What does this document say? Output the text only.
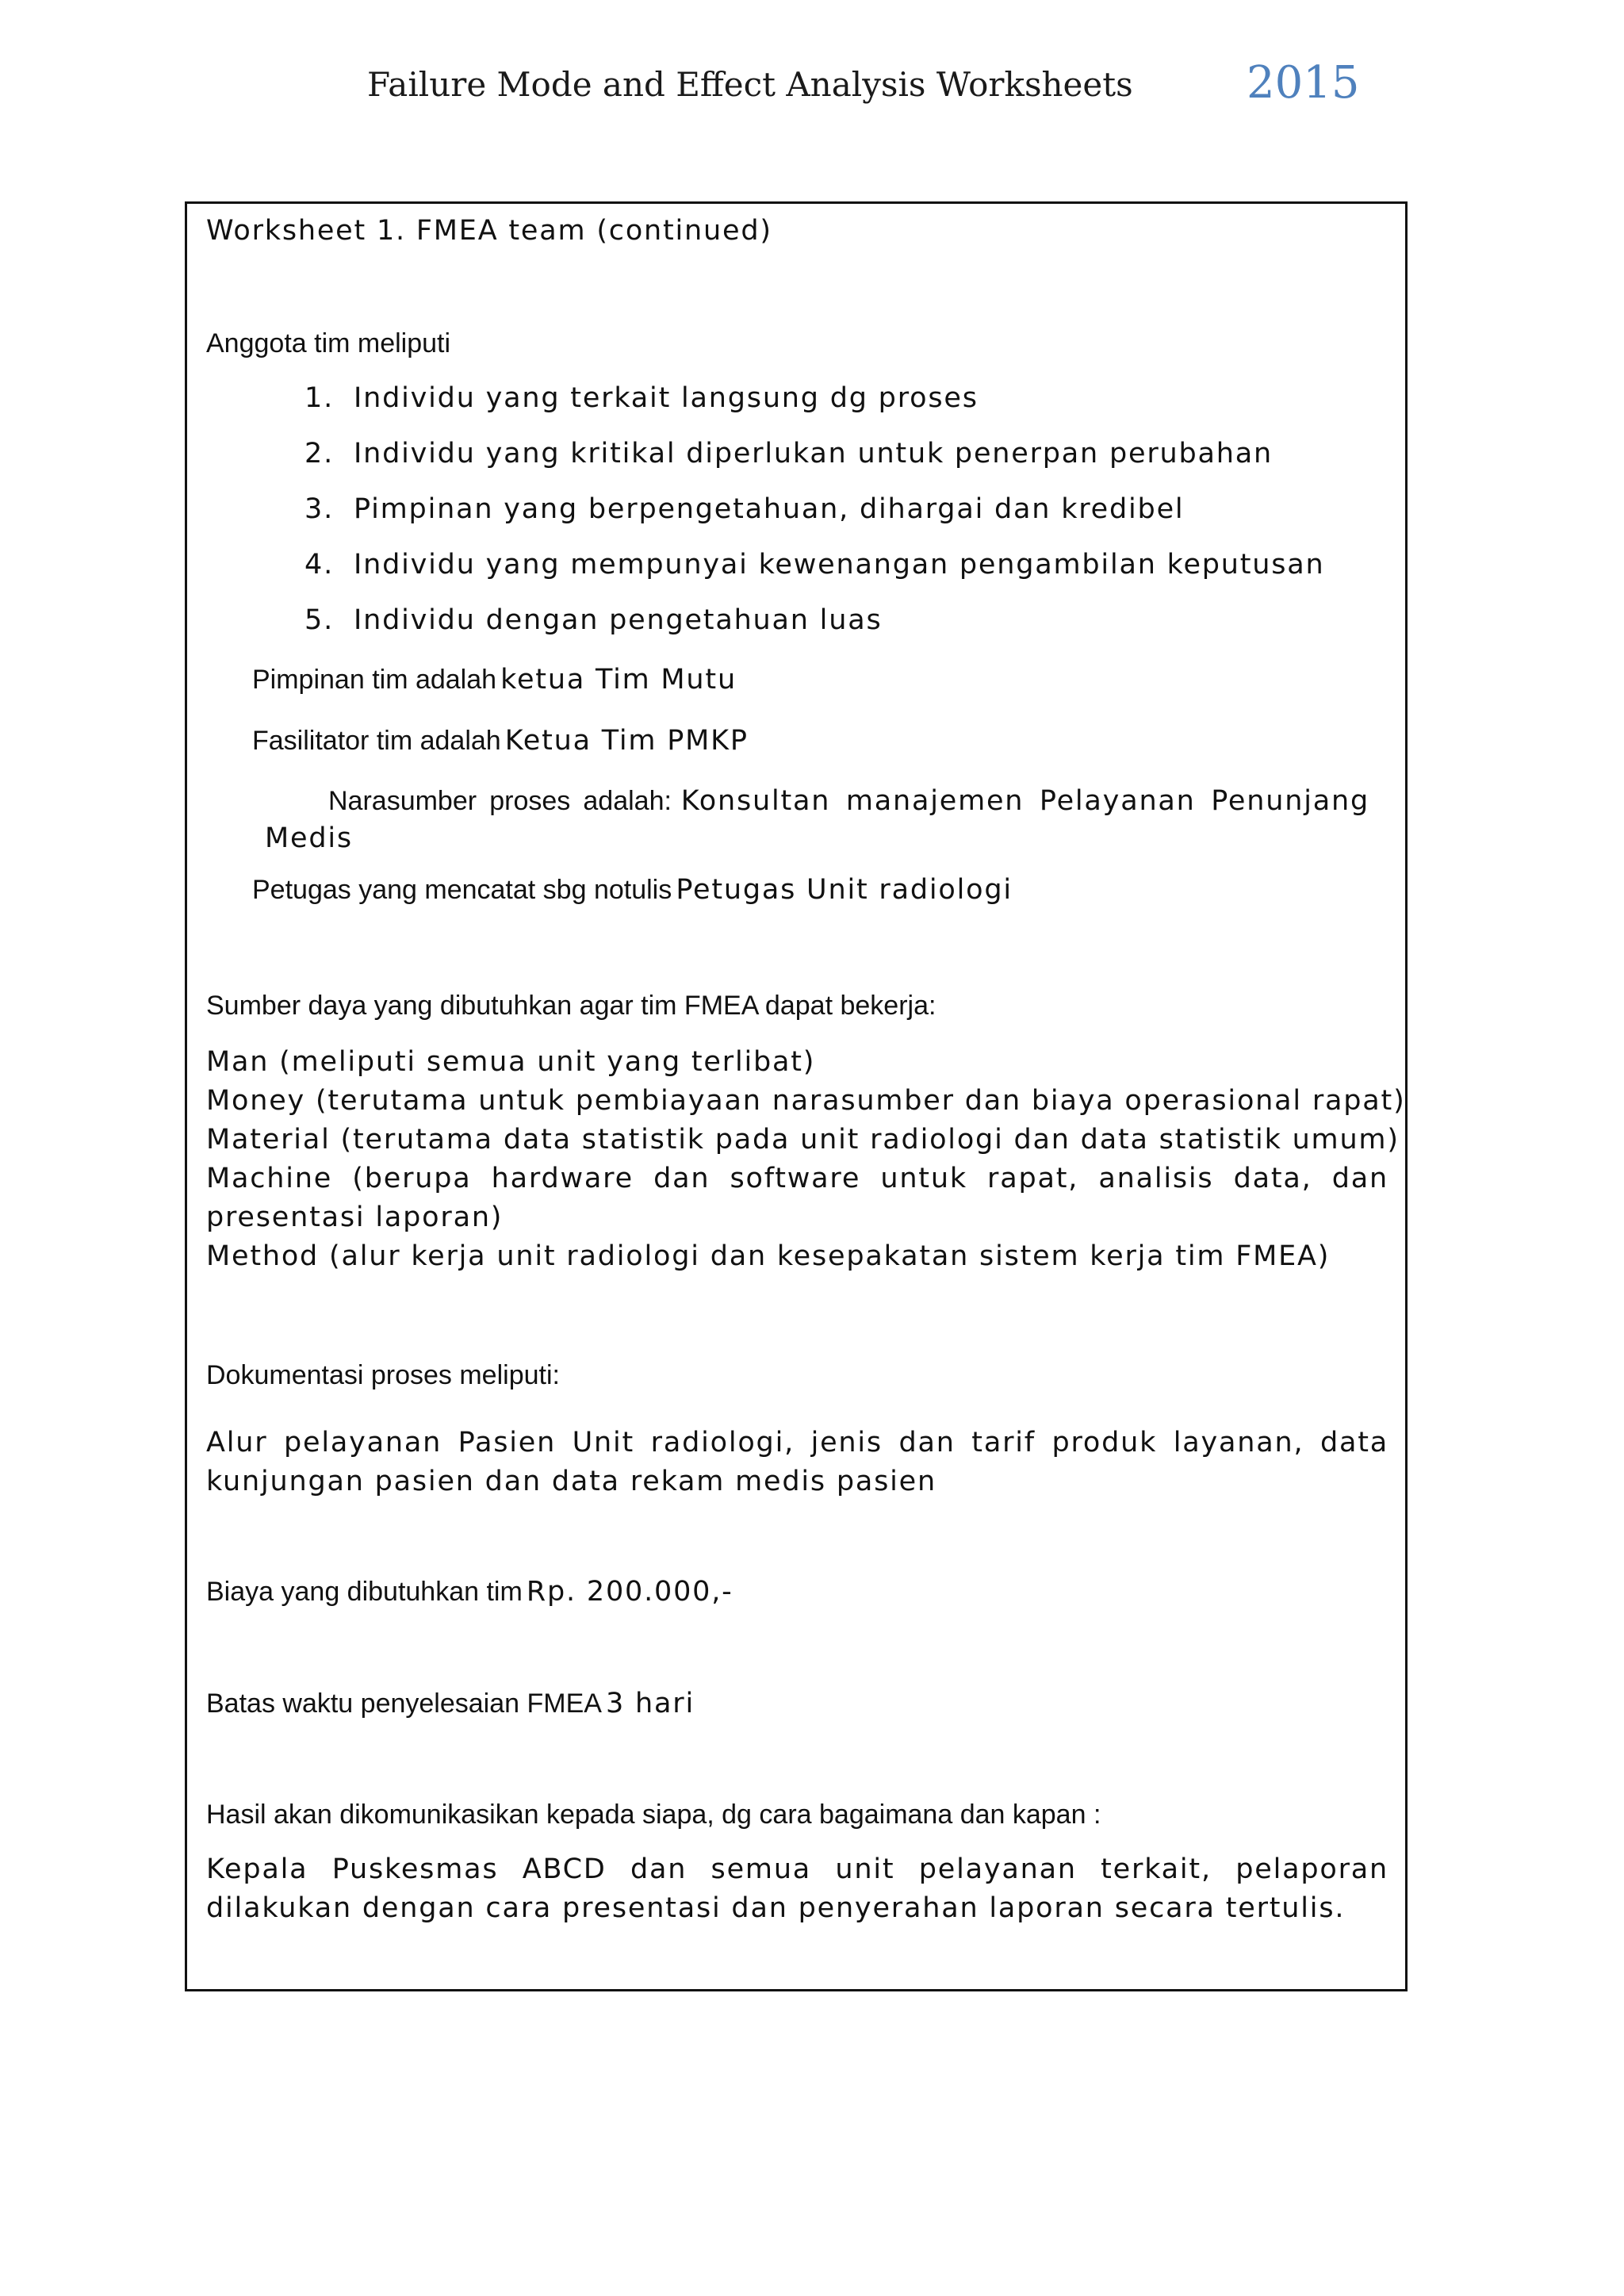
Failure Mode and Effect Analysis Worksheets	2015
Worksheet 1. FMEA team (continued)
Anggota tim meliputi
1. Individu yang terkait langsung dg proses
2. Individu yang kritikal diperlukan untuk penerpan perubahan
3. Pimpinan yang berpengetahuan, dihargai dan kredibel
4. Individu yang mempunyai kewenangan pengambilan keputusan
5. Individu dengan pengetahuan luas
Pimpinan tim adalah ketua Tim Mutu
Fasilitator tim adalah Ketua Tim PMKP
Narasumber proses adalah: Konsultan manajemen Pelayanan Penunjang
Medis
Petugas yang mencatat sbg notulis Petugas Unit radiologi
Sumber daya yang dibutuhkan agar tim FMEA dapat bekerja:
Man (meliputi semua unit yang terlibat)
Money (terutama untuk pembiayaan narasumber dan biaya operasional rapat)
Material (terutama data statistik pada unit radiologi dan data statistik umum)
Machine (berupa hardware dan software untuk rapat, analisis data, dan
presentasi laporan)
Method (alur kerja unit radiologi dan kesepakatan sistem kerja tim FMEA)
Dokumentasi proses meliputi:
Alur pelayanan Pasien Unit radiologi, jenis dan tarif produk layanan, data
kunjungan pasien dan data rekam medis pasien
Biaya yang dibutuhkan tim Rp. 200.000,-
Batas waktu penyelesaian FMEA 3 hari
Hasil akan dikomunikasikan kepada siapa, dg cara bagaimana dan kapan :
Kepala Puskesmas ABCD dan semua unit pelayanan terkait, pelaporan
dilakukan dengan cara presentasi dan penyerahan laporan secara tertulis.
